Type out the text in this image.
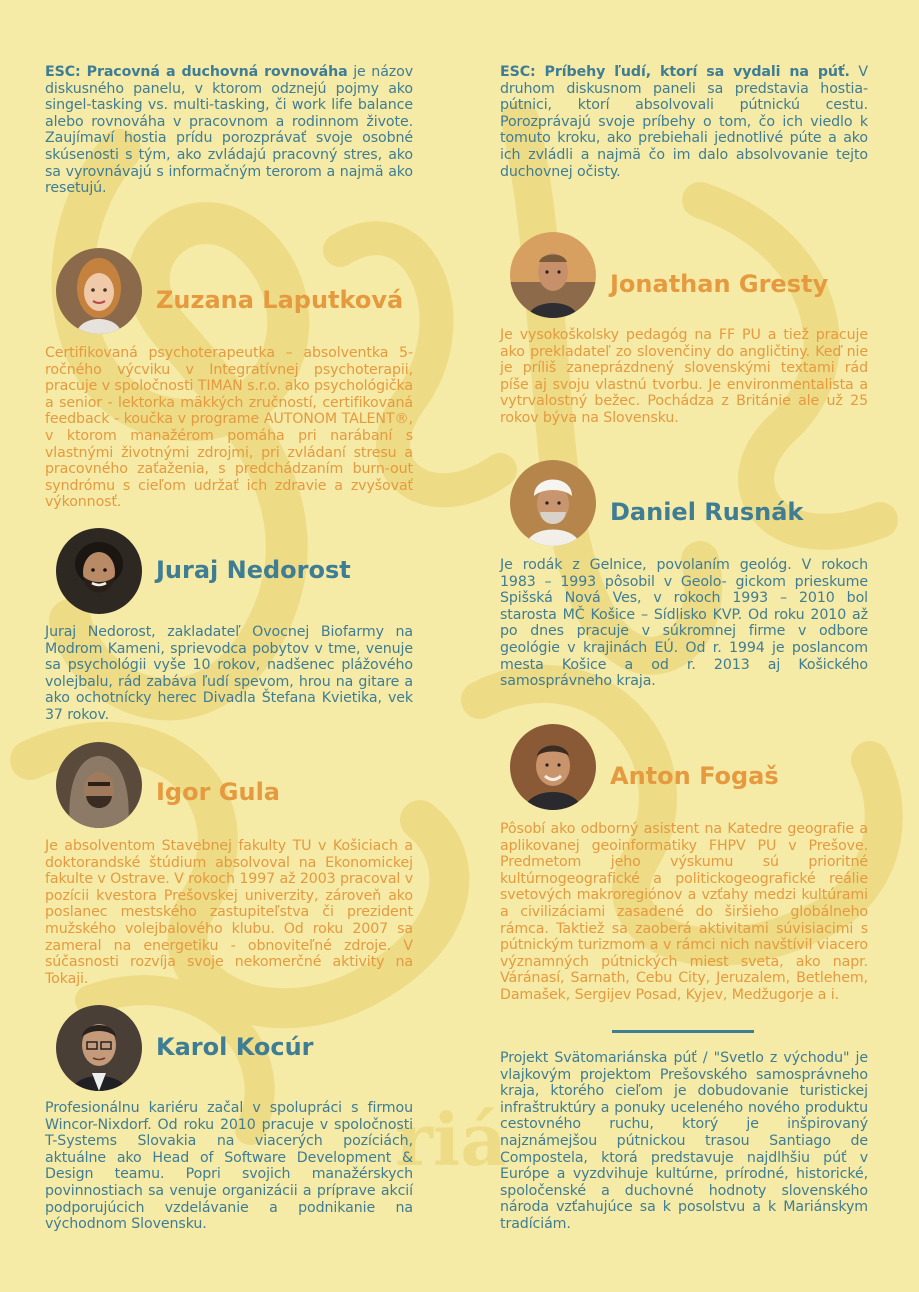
riá

ESC: Pracovná a duchovná rovnováha je názov diskusného panelu, v ktorom odznejú pojmy ako singel-tasking vs. multi-tasking, či work life balance alebo rovnováha v pracovnom a rodinnom živote. Zaujímaví hostia prídu porozprávať svoje osobné skúsenosti s tým, ako zvládajú pracovný stres, ako sa vyrovnávajú s informačným terorom a najmä ako resetujú.

ESC: Príbehy ľudí, ktorí sa vydali na púť. V druhom diskusnom paneli sa predstavia hostia-pútnici, ktorí absolvovali pútnickú cestu. Porozprávajú svoje príbehy o tom, čo ich viedlo k tomuto kroku, ako prebiehali jednotlivé púte a ako ich zvládli a najmä čo im dalo absolvovanie tejto duchovnej očisty.

Zuzana Laputková

Certifikovaná psychoterapeutka – absolventka 5-ročného výcviku v Integratívnej psychoterapii, pracuje v spoločnosti TIMAN s.r.o. ako psychológička a senior - lektorka mäkkých zručností, certifikovaná feedback - koučka v programe AUTONOM TALENT®, v ktorom manažérom pomáha pri narábaní s vlastnými životnými zdrojmi, pri zvládaní stresu a pracovného zaťaženia, s predchádzaním burn-out syndrómu s cieľom udržať ich zdravie a zvyšovať výkonnosť.

Juraj Nedorost

Juraj Nedorost, zakladateľ Ovocnej Biofarmy na Modrom Kameni, sprievodca pobytov v tme, venuje sa psychológii vyše 10 rokov, nadšenec plážového volejbalu, rád zabáva ľudí spevom, hrou na gitare a ako ochotnícky herec Divadla Štefana Kvietika, vek 37 rokov.

Igor Gula

Je absolventom Stavebnej fakulty TU v Košiciach a doktorandské štúdium absolvoval na Ekonomickej fakulte v Ostrave. V rokoch 1997 až 2003 pracoval v pozícii kvestora Prešovskej univerzity, zároveň ako poslanec mestského zastupiteľstva či prezident mužského volejbalového klubu. Od roku 2007 sa zameral na energetiku - obnoviteľné zdroje. V súčasnosti rozvíja svoje nekomerčné aktivity na Tokaji.

Karol Kocúr

Profesionálnu kariéru začal v spolupráci s firmou Wincor-Nixdorf. Od roku 2010 pracuje v spoločnosti T-Systems Slovakia na viacerých pozíciách, aktuálne ako Head of Software Development & Design teamu. Popri svojich manažérskych povinnostiach sa venuje organizácii a príprave akcií podporujúcich vzdelávanie a podnikanie na východnom Slovensku.

Jonathan Gresty

Je vysokoškolsky pedagóg na FF PU a tiež pracuje ako prekladateľ zo slovenčiny do angličtiny. Keď nie je príliš zaneprázdnený slovenskými textami rád píše aj svoju vlastnú tvorbu. Je environmentalista a vytrvalostný bežec. Pochádza z Británie ale už 25 rokov býva na Slovensku.

Daniel Rusnák

Je rodák z Gelnice, povolaním geológ. V rokoch 1983 – 1993 pôsobil v Geolo- gickom prieskume Spišská Nová Ves, v rokoch 1993 – 2010 bol starosta MČ Košice – Sídlisko KVP. Od roku 2010 až po dnes pracuje v súkromnej firme v odbore geológie v krajinách EÚ. Od r. 1994 je poslancom mesta Košice a od r. 2013 aj Košického samosprávneho kraja.

Anton Fogaš

Pôsobí ako odborný asistent na Katedre geografie a aplikovanej geoinformatiky FHPV PU v Prešove. Predmetom jeho výskumu sú prioritné kultúrnogeografické a politickogeografické reálie svetových makroregiónov a vzťahy medzi kultúrami a civilizáciami zasadené do širšieho globálneho rámca. Taktiež sa zaoberá aktivitami súvisiacimi s pútnickým turizmom a v rámci nich navštívil viacero významných pútnických miest sveta, ako napr. Váránasí, Sarnath, Cebu City, Jeruzalem, Betlehem, Damašek, Sergijev Posad, Kyjev, Medžugorje a i.

Projekt Svätomariánska púť / "Svetlo z východu" je vlajkovým projektom Prešovského samosprávneho kraja, ktorého cieľom je dobudovanie turistickej infraštruktúry a ponuky uceleného nového produktu cestovného ruchu, ktorý je inšpirovaný najznámejšou pútnickou trasou Santiago de Compostela, ktorá predstavuje najdlhšiu púť v Európe a vyzdvihuje kultúrne, prírodné, historické, spoločenské a duchovné hodnoty slovenského národa vzťahujúce sa k posolstvu a k Mariánskym tradíciám.
